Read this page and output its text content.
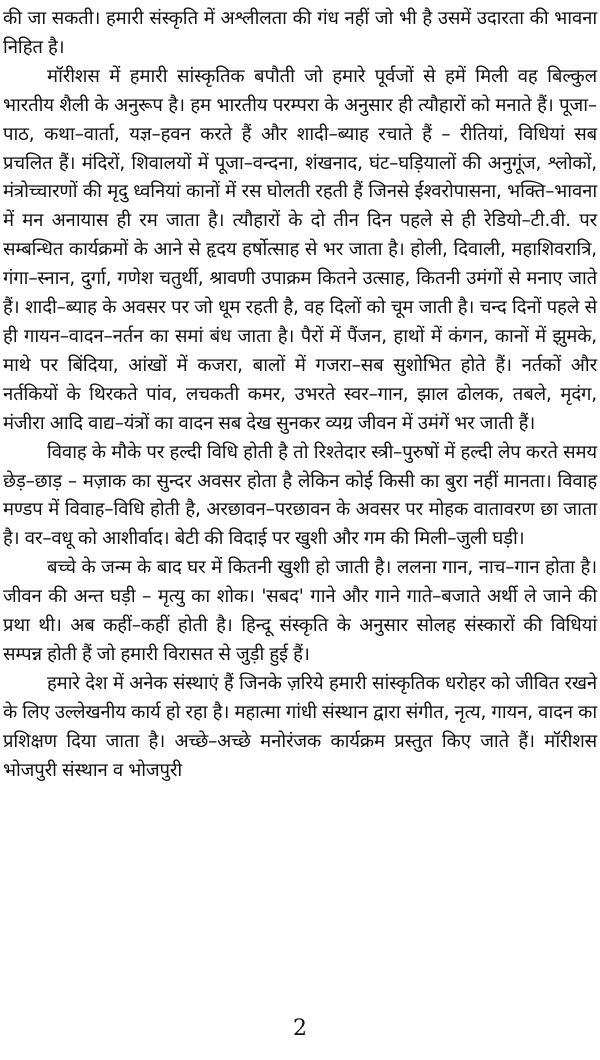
की जा सकती। हमारी संस्कृति में अश्लीलता की गंध नहीं जो भी है उसमें उदारता की भावना निहित है।

मॉरीशस में हमारी सांस्कृतिक बपौती जो हमारे पूर्वजों से हमें मिली वह बिल्कुल भारतीय शैली के अनुरूप है। हम भारतीय परम्परा के अनुसार ही त्यौहारों को मनाते हैं। पूजा–पाठ, कथा–वार्ता, यज्ञ–हवन करते हैं और शादी–ब्याह रचाते हैं – रीतियां, विधियां सब प्रचलित हैं। मंदिरों, शिवालयों में पूजा–वन्दना, शंखनाद, घंट–घड़ियालों की अनुगूंज, श्लोकों, मंत्रोच्चारणों की मृदु ध्वनियां कानों में रस घोलती रहती हैं जिनसे ईश्वरोपासना, भक्ति–भावना में मन अनायास ही रम जाता है। त्यौहारों के दो तीन दिन पहले से ही रेडियो–टी.वी. पर सम्बन्धित कार्यक्रमों के आने से हृदय हर्षोत्साह से भर जाता है। होली, दिवाली, महाशिवरात्रि, गंगा–स्नान, दुर्गा, गणेश चतुर्थी, श्रावणी उपाक्रम कितने उत्साह, कितनी उमंगों से मनाए जाते हैं। शादी–ब्याह के अवसर पर जो धूम रहती है, वह दिलों को चूम जाती है। चन्द दिनों पहले से ही गायन–वादन–नर्तन का समां बंध जाता है। पैरों में पैंजन, हाथों में कंगन, कानों में झुमके, माथे पर बिंदिया, आंखों में कजरा, बालों में गजरा–सब सुशोभित होते हैं। नर्तकों और नर्तकियों के थिरकते पांव, लचकती कमर, उभरते स्वर–गान, झाल ढोलक, तबले, मृदंग, मंजीरा आदि वाद्य–यंत्रों का वादन सब देख सुनकर व्यग्र जीवन में उमंगें भर जाती हैं।

विवाह के मौके पर हल्दी विधि होती है तो रिश्तेदार स्त्री–पुरुषों में हल्दी लेप करते समय छेड़–छाड़ – मज़ाक का सुन्दर अवसर होता है लेकिन कोई किसी का बुरा नहीं मानता। विवाह मण्डप में विवाह–विधि होती है, अरछावन–परछावन के अवसर पर मोहक वातावरण छा जाता है। वर–वधू को आशीर्वाद। बेटी की विदाई पर खुशी और गम की मिली–जुली घड़ी।

बच्चे के जन्म के बाद घर में कितनी खुशी हो जाती है। ललना गान, नाच–गान होता है। जीवन की अन्त घड़ी – मृत्यु का शोक। 'सबद' गाने और गाने गाते–बजाते अर्थी ले जाने की प्रथा थी। अब कहीं–कहीं होती है। हिन्दू संस्कृति के अनुसार सोलह संस्कारों की विधियां सम्पन्न होती हैं जो हमारी विरासत से जुड़ी हुई हैं।

हमारे देश में अनेक संस्थाएं हैं जिनके ज़रिये हमारी सांस्कृतिक धरोहर को जीवित रखने के लिए उल्लेखनीय कार्य हो रहा है। महात्मा गांधी संस्थान द्वारा संगीत, नृत्य, गायन, वादन का प्रशिक्षण दिया जाता है। अच्छे–अच्छे मनोरंजक कार्यक्रम प्रस्तुत किए जाते हैं। मॉरीशस भोजपुरी संस्थान व भोजपुरी

2
